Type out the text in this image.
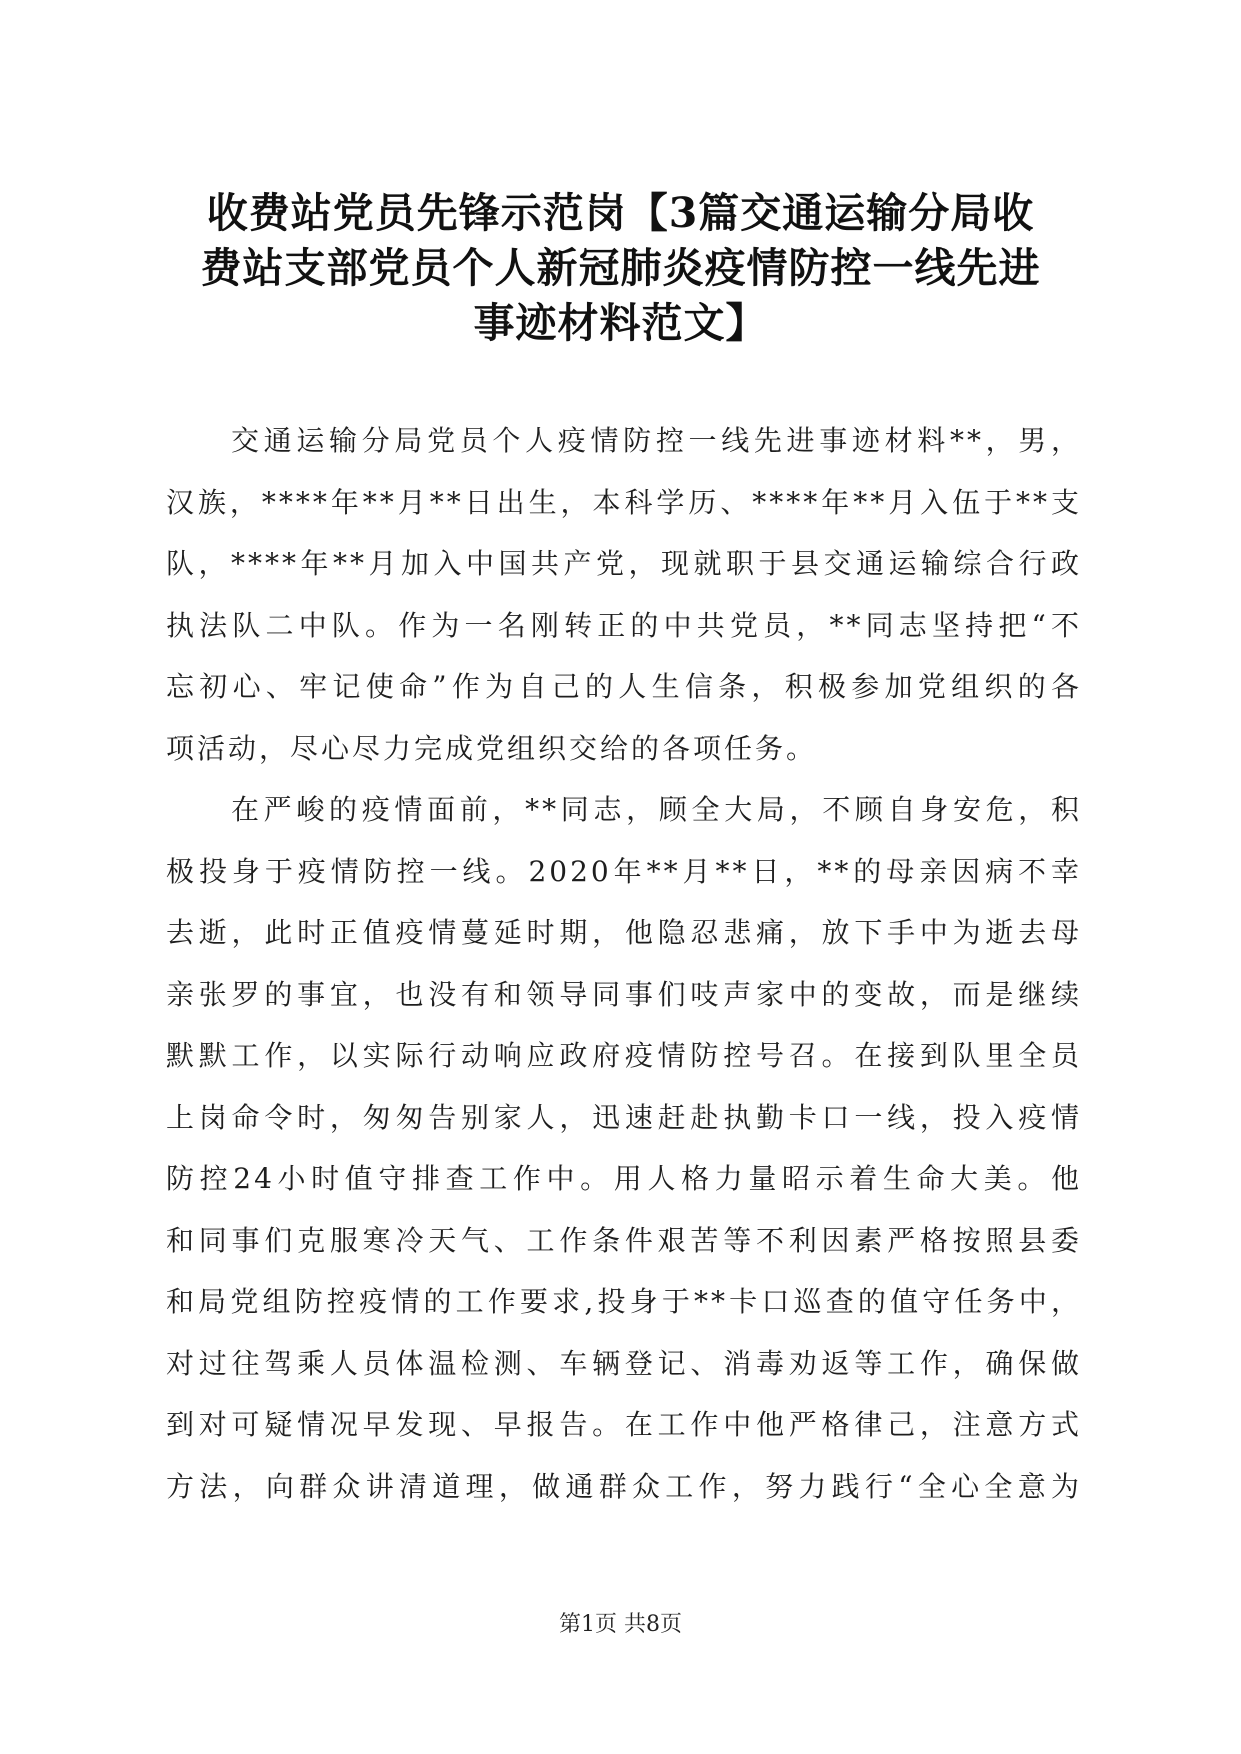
收费站党员先锋示范岗【3篇交通运输分局收
费站支部党员个人新冠肺炎疫情防控一线先进
事迹材料范文】

交通运输分局党员个人疫情防控一线先进事迹材料**，男，
汉族，****年**月**日出生，本科学历、****年**月入伍于**支
队，****年**月加入中国共产党，现就职于县交通运输综合行政
执法队二中队。作为一名刚转正的中共党员，**同志坚持把“不
忘初心、牢记使命”作为自己的人生信条，积极参加党组织的各
项活动，尽心尽力完成党组织交给的各项任务。

在严峻的疫情面前，**同志，顾全大局，不顾自身安危，积
极投身于疫情防控一线。2020年**月**日，**的母亲因病不幸
去逝，此时正值疫情蔓延时期，他隐忍悲痛，放下手中为逝去母
亲张罗的事宜，也没有和领导同事们吱声家中的变故，而是继续
默默工作，以实际行动响应政府疫情防控号召。在接到队里全员
上岗命令时，匆匆告别家人，迅速赶赴执勤卡口一线，投入疫情
防控24小时值守排查工作中。用人格力量昭示着生命大美。他
和同事们克服寒冷天气、工作条件艰苦等不利因素严格按照县委
和局党组防控疫情的工作要求,投身于**卡口巡查的值守任务中，
对过往驾乘人员体温检测、车辆登记、消毒劝返等工作，确保做
到对可疑情况早发现、早报告。在工作中他严格律己，注意方式
方法，向群众讲清道理，做通群众工作，努力践行“全心全意为

第1页 共8页
